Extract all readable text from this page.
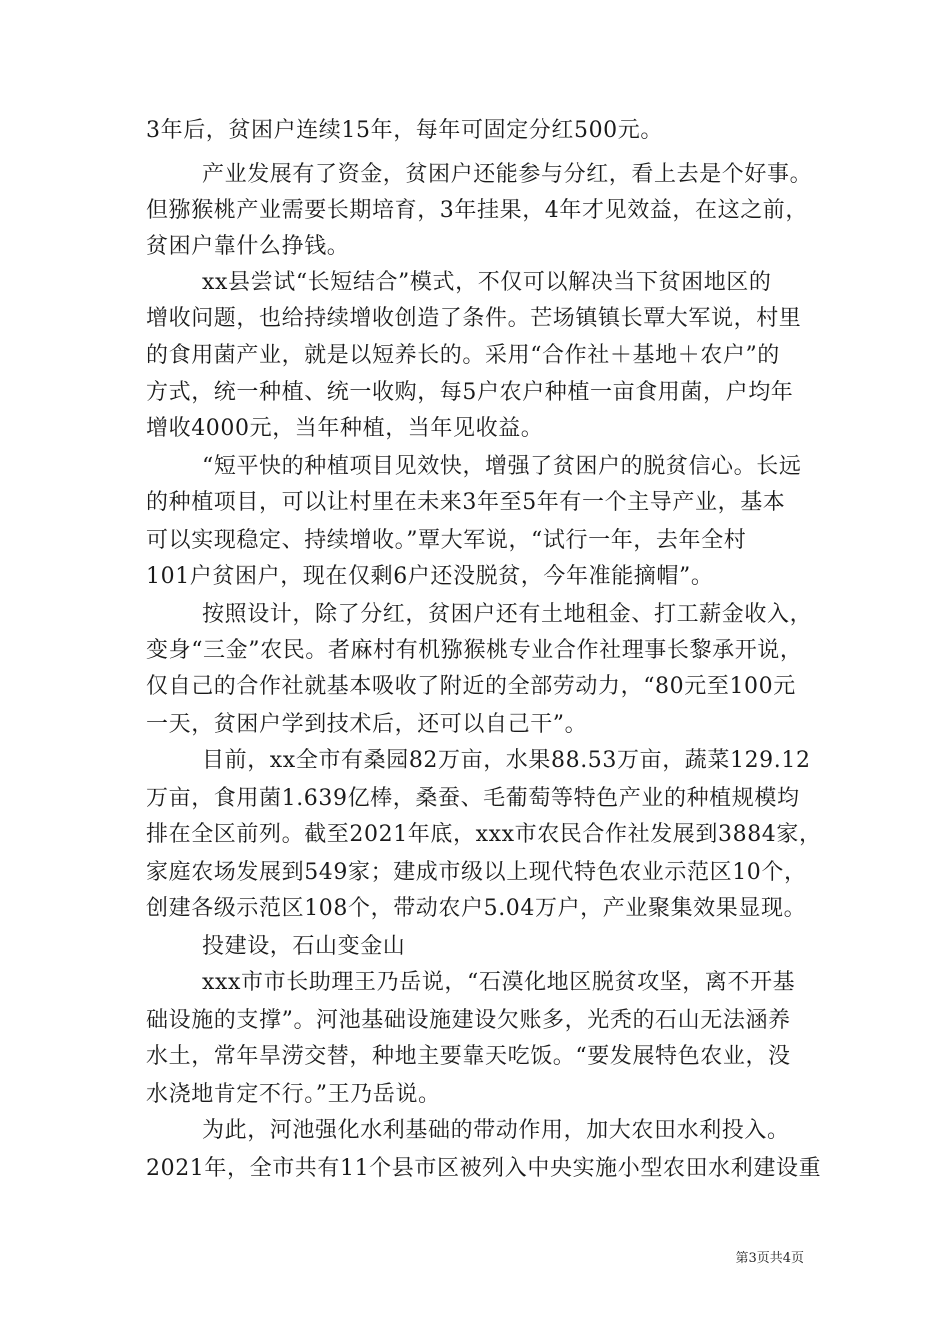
3年后，贫困户连续15年，每年可固定分红500元。
产业发展有了资金，贫困户还能参与分红，看上去是个好事。
但猕猴桃产业需要长期培育，3年挂果，4年才见效益，在这之前，
贫困户靠什么挣钱。
xx县尝试“长短结合”模式，不仅可以解决当下贫困地区的
增收问题，也给持续增收创造了条件。芒场镇镇长覃大军说，村里
的食用菌产业，就是以短养长的。采用“合作社＋基地＋农户”的
方式，统一种植、统一收购，每5户农户种植一亩食用菌，户均年
增收4000元，当年种植，当年见收益。
“短平快的种植项目见效快，增强了贫困户的脱贫信心。长远
的种植项目，可以让村里在未来3年至5年有一个主导产业，基本
可以实现稳定、持续增收。”覃大军说，“试行一年，去年全村
101户贫困户，现在仅剩6户还没脱贫，今年准能摘帽”。
按照设计，除了分红，贫困户还有土地租金、打工薪金收入，
变身“三金”农民。者麻村有机猕猴桃专业合作社理事长黎承开说，
仅自己的合作社就基本吸收了附近的全部劳动力，“80元至100元
一天，贫困户学到技术后，还可以自己干”。
目前，xx全市有桑园82万亩，水果88.53万亩，蔬菜129.12
万亩，食用菌1.639亿棒，桑蚕、毛葡萄等特色产业的种植规模均
排在全区前列。截至2021年底，xxx市农民合作社发展到3884家，
家庭农场发展到549家；建成市级以上现代特色农业示范区10个，
创建各级示范区108个，带动农户5.04万户，产业聚集效果显现。
投建设，石山变金山
xxx市市长助理王乃岳说，“石漠化地区脱贫攻坚，离不开基
础设施的支撑”。河池基础设施建设欠账多，光秃的石山无法涵养
水土，常年旱涝交替，种地主要靠天吃饭。“要发展特色农业，没
水浇地肯定不行。”王乃岳说。
为此，河池强化水利基础的带动作用，加大农田水利投入。
2021年，全市共有11个县市区被列入中央实施小型农田水利建设重
第3页共4页
